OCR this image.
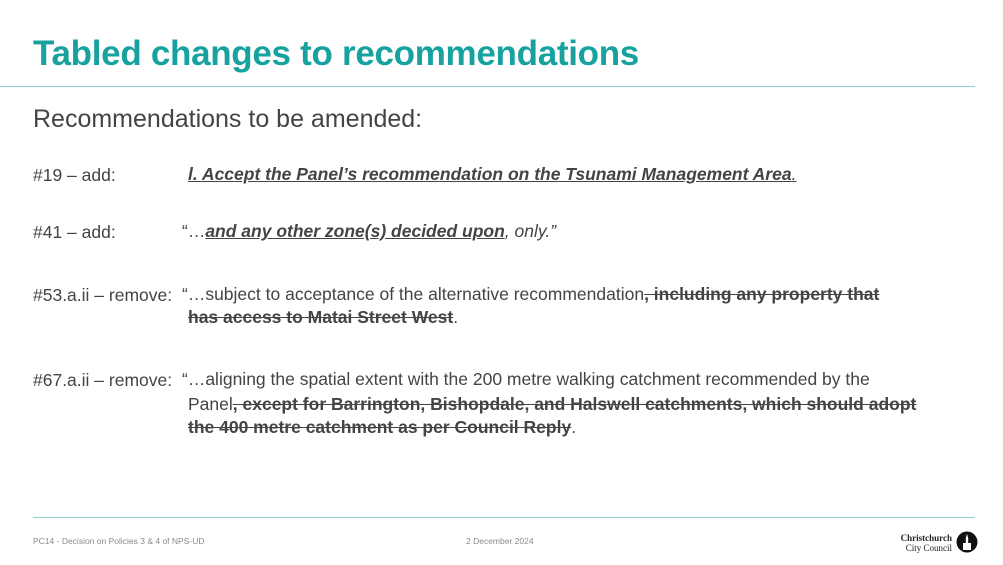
Tabled changes to recommendations
Recommendations to be amended:
#19 – add:	l. Accept the Panel’s recommendation on the Tsunami Management Area.
#41 – add:	“…and any other zone(s) decided upon, only.”
#53.a.ii – remove: “…subject to acceptance of the alternative recommendation, including any property that
has access to Matai Street West.
#67.a.ii – remove: “…aligning the spatial extent with the 200 metre walking catchment recommended by the
Panel, except for Barrington, Bishopdale, and Halswell catchments, which should adopt
the 400 metre catchment as per Council Reply.
PC14 - Decision on Policies 3 & 4 of NPS-UD	2 December 2024	Christchurch
City Council
